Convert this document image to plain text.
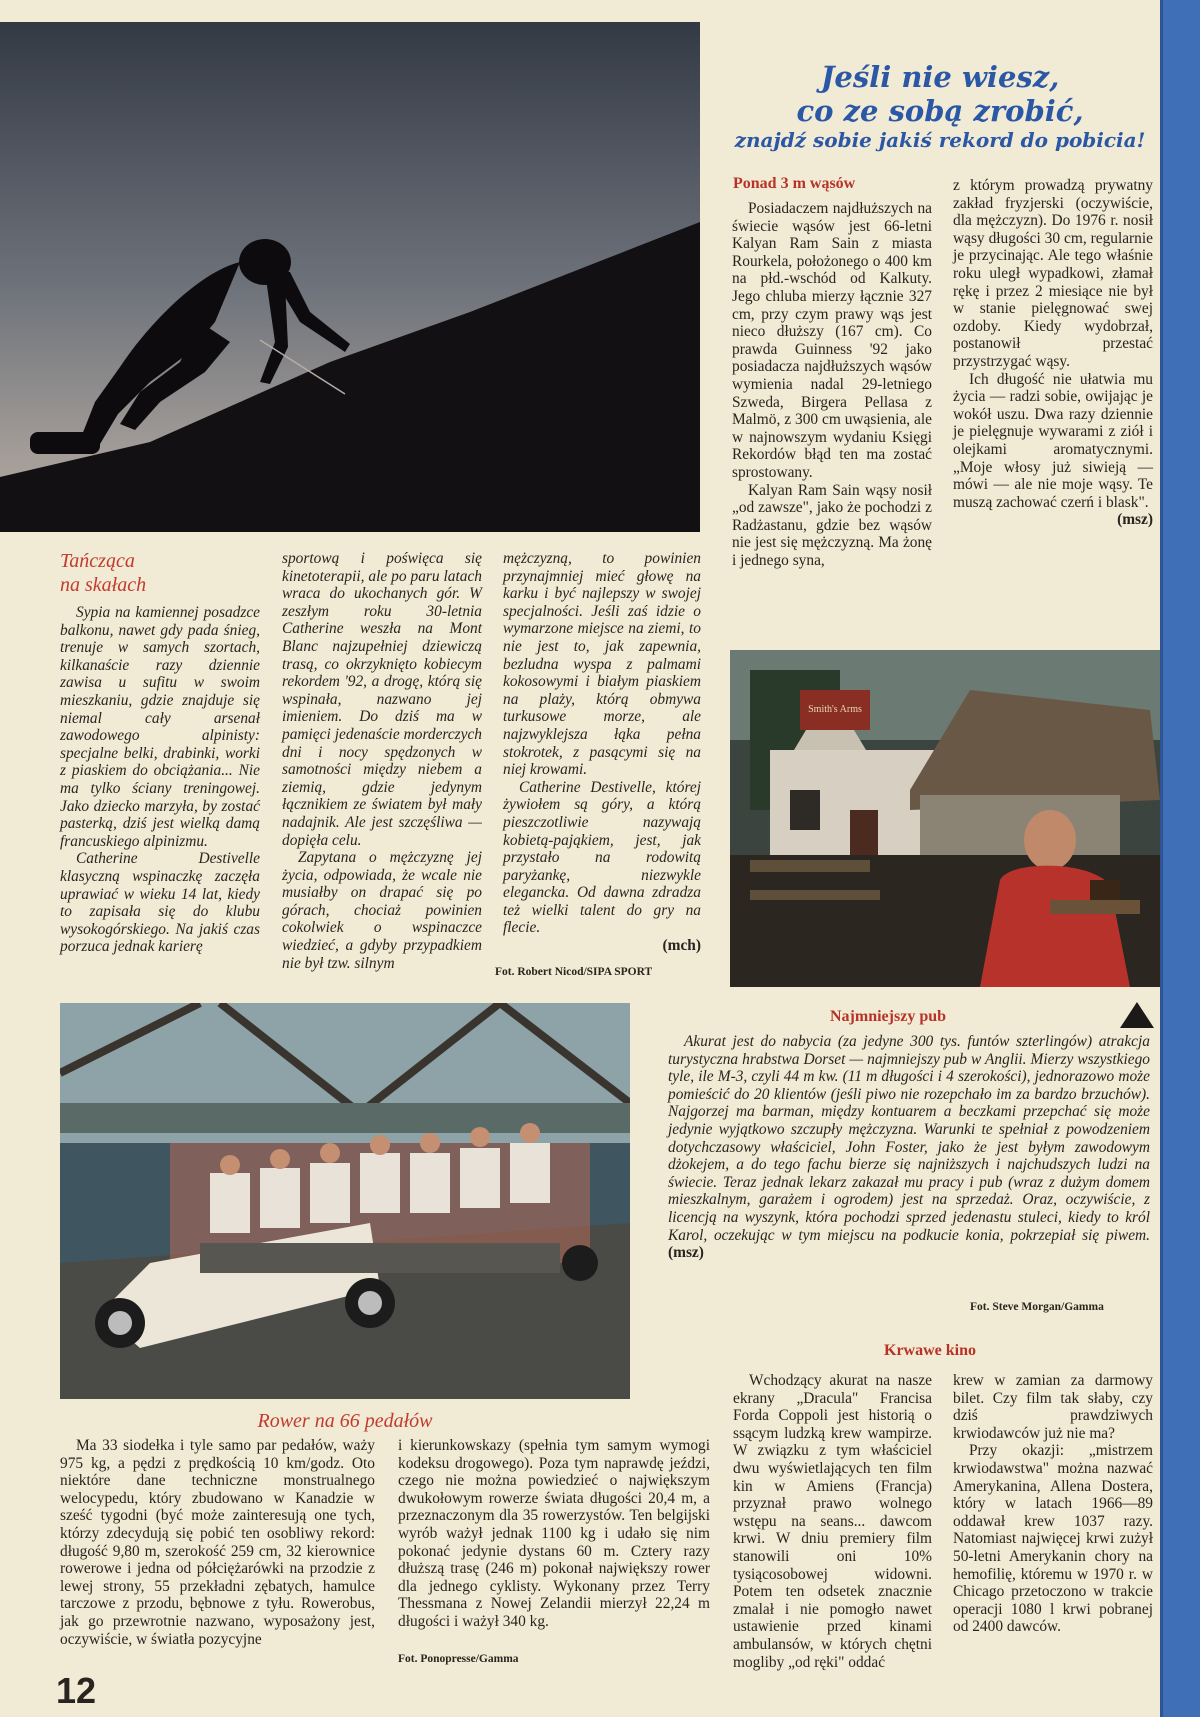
Jeśli nie wiesz,
co ze sobą zrobić,
znajdź sobie jakiś rekord do pobicia!
Ponad 3 m wąsów

Posiadaczem najdłuższych na świecie wąsów jest 66-letni Kalyan Ram Sain z miasta Rourkela, położonego o 400 km na płd.-wschód od Kalkuty. Jego chluba mierzy łącznie 327 cm, przy czym prawy wąs jest nieco dłuższy (167 cm). Co prawda Guinness '92 jako posiadacza najdłuższych wąsów wymienia nadal 29-letniego Szweda, Birgera Pellasa z Malmö, z 300 cm uwąsienia, ale w najnowszym wydaniu Księgi Rekordów błąd ten ma zostać sprostowany.

Kalyan Ram Sain wąsy nosił „od zawsze", jako że pochodzi z Radżastanu, gdzie bez wąsów nie jest się mężczyzną. Ma żonę i jednego syna,

z którym prowadzą prywatny zakład fryzjerski (oczywiście, dla mężczyzn). Do 1976 r. nosił wąsy długości 30 cm, regularnie je przycinając. Ale tego właśnie roku uległ wypadkowi, złamał rękę i przez 2 miesiące nie był w stanie pielęgnować swej ozdoby. Kiedy wydobrzał, postanowił przestać przystrzygać wąsy.

Ich długość nie ułatwia mu życia — radzi sobie, owijając je wokół uszu. Dwa razy dziennie je pielęgnuje wywarami z ziół i olejkami aromatycznymi. „Moje włosy już siwieją — mówi — ale nie moje wąsy. Te muszą zachować czerń i blask".

(msz)
Tańcząca
na skałach

Sypia na kamiennej posadzce balkonu, nawet gdy pada śnieg, trenuje w samych szortach, kilkanaście razy dziennie zawisa u sufitu w swoim mieszkaniu, gdzie znajduje się niemal cały arsenał zawodowego alpinisty: specjalne belki, drabinki, worki z piaskiem do obciążania... Nie ma tylko ściany treningowej. Jako dziecko marzyła, by zostać pasterką, dziś jest wielką damą francuskiego alpinizmu.

Catherine Destivelle klasyczną wspinaczkę zaczęła uprawiać w wieku 14 lat, kiedy to zapisała się do klubu wysokogórskiego. Na jakiś czas porzuca jednak karierę

sportową i poświęca się kinetoterapii, ale po paru latach wraca do ukochanych gór. W zeszłym roku 30-letnia Catherine weszła na Mont Blanc najzupełniej dziewiczą trasą, co okrzyknięto kobiecym rekordem '92, a drogę, którą się wspinała, nazwano jej imieniem. Do dziś ma w pamięci jedenaście morderczych dni i nocy spędzonych w samotności między niebem a ziemią, gdzie jedynym łącznikiem ze światem był mały nadajnik. Ale jest szczęśliwa — dopięła celu.

Zapytana o mężczyznę jej życia, odpowiada, że wcale nie musiałby on drapać się po górach, chociaż powinien cokolwiek o wspinaczce wiedzieć, a gdyby przypadkiem nie był tzw. silnym

mężczyzną, to powinien przynajmniej mieć głowę na karku i być najlepszy w swojej specjalności. Jeśli zaś idzie o wymarzone miejsce na ziemi, to nie jest to, jak zapewnia, bezludna wyspa z palmami kokosowymi i białym piaskiem na plaży, którą obmywa turkusowe morze, ale najzwyklejsza łąka pełna stokrotek, z pasącymi się na niej krowami.

Catherine Destivelle, której żywiołem są góry, a którą pieszczotliwie nazywają kobietą-pająkiem, jest, jak przystało na rodowitą paryżankę, niezwykle elegancka. Od dawna zdradza też wielki talent do gry na flecie.

(mch)
Fot. Robert Nicod/SIPA SPORT
Smith's Arms
Najmniejszy pub

Akurat jest do nabycia (za jedyne 300 tys. funtów szterlingów) atrakcja turystyczna hrabstwa Dorset — najmniejszy pub w Anglii. Mierzy wszystkiego tyle, ile M-3, czyli 44 m kw. (11 m długości i 4 szerokości), jednorazowo może pomieścić do 20 klientów (jeśli piwo nie rozepchało im za bardzo brzuchów). Najgorzej ma barman, między kontuarem a beczkami przepchać się może jedynie wyjątkowo szczupły mężczyzna. Warunki te spełniał z powodzeniem dotychczasowy właściciel, John Foster, jako że jest byłym zawodowym dżokejem, a do tego fachu bierze się najniższych i najchudszych ludzi na świecie. Teraz jednak lekarz zakazał mu pracy i pub (wraz z dużym domem mieszkalnym, garażem i ogrodem) jest na sprzedaż. Oraz, oczywiście, z licencją na wyszynk, która pochodzi sprzed jedenastu stuleci, kiedy to król Karol, oczekując w tym miejscu na podkucie konia, pokrzepiał się piwem. (msz)

Fot. Steve Morgan/Gamma
Rower na 66 pedałów

Ma 33 siodełka i tyle samo par pedałów, waży 975 kg, a pędzi z prędkością 10 km/godz. Oto niektóre dane techniczne monstrualnego welocypedu, który zbudowano w Kanadzie w sześć tygodni (być może zainteresują one tych, którzy zdecydują się pobić ten osobliwy rekord: długość 9,80 m, szerokość 259 cm, 32 kierownice rowerowe i jedna od półciężarówki na przodzie z lewej strony, 55 przekładni zębatych, hamulce tarczowe z przodu, bębnowe z tyłu. Rowerobus, jak go przewrotnie nazwano, wyposażony jest, oczywiście, w światła pozycyjne

i kierunkowskazy (spełnia tym samym wymogi kodeksu drogowego). Poza tym naprawdę jeździ, czego nie można powiedzieć o największym dwukołowym rowerze świata długości 20,4 m, a przeznaczonym dla 35 rowerzystów. Ten belgijski wyrób ważył jednak 1100 kg i udało się nim pokonać jedynie dystans 60 m. Cztery razy dłuższą trasę (246 m) pokonał największy rower dla jednego cyklisty. Wykonany przez Terry Thessmana z Nowej Zelandii mierzył 22,24 m długości i ważył 340 kg.

Fot. Ponopresse/Gamma
Krwawe kino

Wchodzący akurat na nasze ekrany „Dracula" Francisa Forda Coppoli jest historią o ssącym ludzką krew wampirze. W związku z tym właściciel dwu wyświetlających ten film kin w Amiens (Francja) przyznał prawo wolnego wstępu na seans... dawcom krwi. W dniu premiery film stanowili oni 10% tysiącosobowej widowni. Potem ten odsetek znacznie zmalał i nie pomogło nawet ustawienie przed kinami ambulansów, w których chętni mogliby „od ręki" oddać

krew w zamian za darmowy bilet. Czy film tak słaby, czy dziś prawdziwych krwiodawców już nie ma?

Przy okazji: „mistrzem krwiodawstwa" można nazwać Amerykanina, Allena Dostera, który w latach 1966—89 oddawał krew 1037 razy. Natomiast najwięcej krwi zużył 50-letni Amerykanin chory na hemofilię, któremu w 1970 r. w Chicago przetoczono w trakcie operacji 1080 l krwi pobranej od 2400 dawców.

12
